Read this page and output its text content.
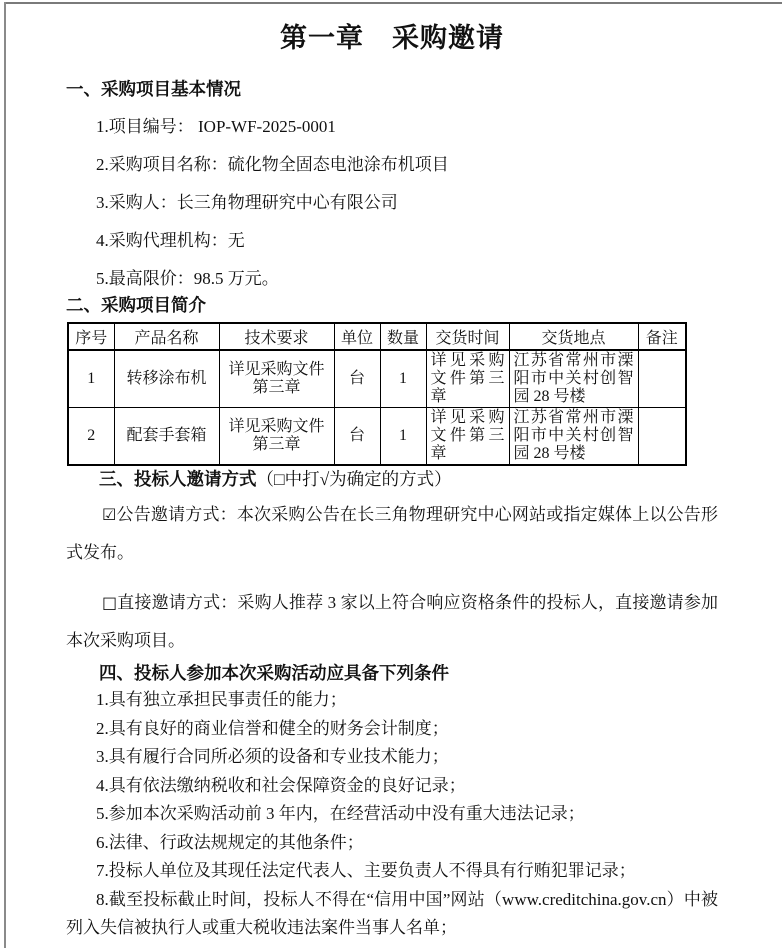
第一章　采购邀请
一、采购项目基本情况

1.项目编号： IOP-WF-2025-0001

2.采购项目名称：硫化物全固态电池涂布机项目

3.采购人：长三角物理研究中心有限公司

4.采购代理机构：无

5.最高限价：98.5 万元。

二、采购项目简介
序号	产品名称	技术要求	单位	数量	交货时间	交货地点	备注
1	转移涂布机	详见采购文件第三章	台	1	详见采购文件第三章	江苏省常州市溧阳市中关村创智园 28 号楼	
2	配套手套箱	详见采购文件第三章	台	1	详见采购文件第三章	江苏省常州市溧阳市中关村创智园 28 号楼	
三、投标人邀请方式（□中打√为确定的方式）

☑公告邀请方式：本次采购公告在长三角物理研究中心网站或指定媒体上以公告形式发布。

□直接邀请方式：采购人推荐 3 家以上符合响应资格条件的投标人，直接邀请参加本次采购项目。

四、投标人参加本次采购活动应具备下列条件

1.具有独立承担民事责任的能力；

2.具有良好的商业信誉和健全的财务会计制度；

3.具有履行合同所必须的设备和专业技术能力；

4.具有依法缴纳税收和社会保障资金的良好记录；

5.参加本次采购活动前 3 年内，在经营活动中没有重大违法记录；

6.法律、行政法规规定的其他条件；

7.投标人单位及其现任法定代表人、主要负责人不得具有行贿犯罪记录；

8.截至投标截止时间，投标人不得在“信用中国”网站（www.creditchina.gov.cn）中被列入失信被执行人或重大税收违法案件当事人名单；
